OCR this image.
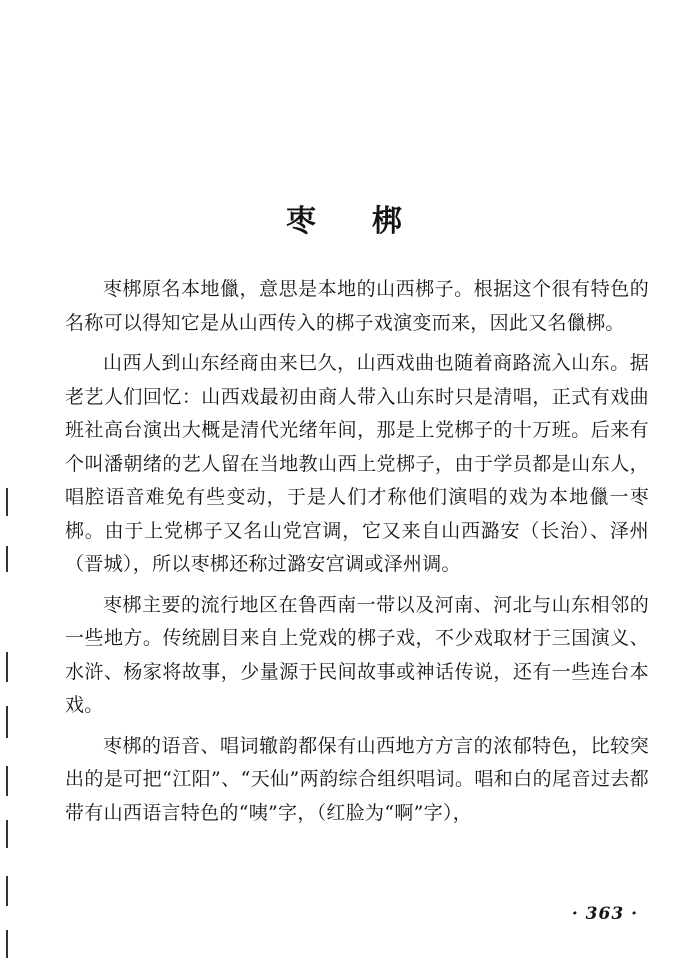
枣 梆

枣梆原名本地儠，意思是本地的山西梆子。根据这个很有特色的名称可以得知它是从山西传入的梆子戏演变而来，因此又名儠梆。

山西人到山东经商由来巳久，山西戏曲也随着商路流入山东。据老艺人们回忆：山西戏最初由商人带入山东时只是清唱，正式有戏曲班社高台演出大概是清代光绪年间，那是上党梆子的十万班。后来有个叫潘朝绪的艺人留在当地教山西上党梆子，由于学员都是山东人，唱腔语音难免有些变动，于是人们才称他们演唱的戏为本地儠一枣梆。由于上党梆子又名山党宫调，它又来自山西潞安（长治）、泽州（晋城），所以枣梆还称过潞安宫调或泽州调。

枣梆主要的流行地区在鲁西南一带以及河南、河北与山东相邻的一些地方。传统剧目来自上党戏的梆子戏，不少戏取材于三国演义、水浒、杨家将故事，少量源于民间故事或神话传说，还有一些连台本戏。

枣梆的语音、唱词辙韵都保有山西地方方言的浓郁特色，比较突出的是可把“江阳”、“天仙”两韵综合组织唱词。唱和白的尾音过去都带有山西语言特色的“咦”字，（红脸为“啊”字），

· 363 ·
